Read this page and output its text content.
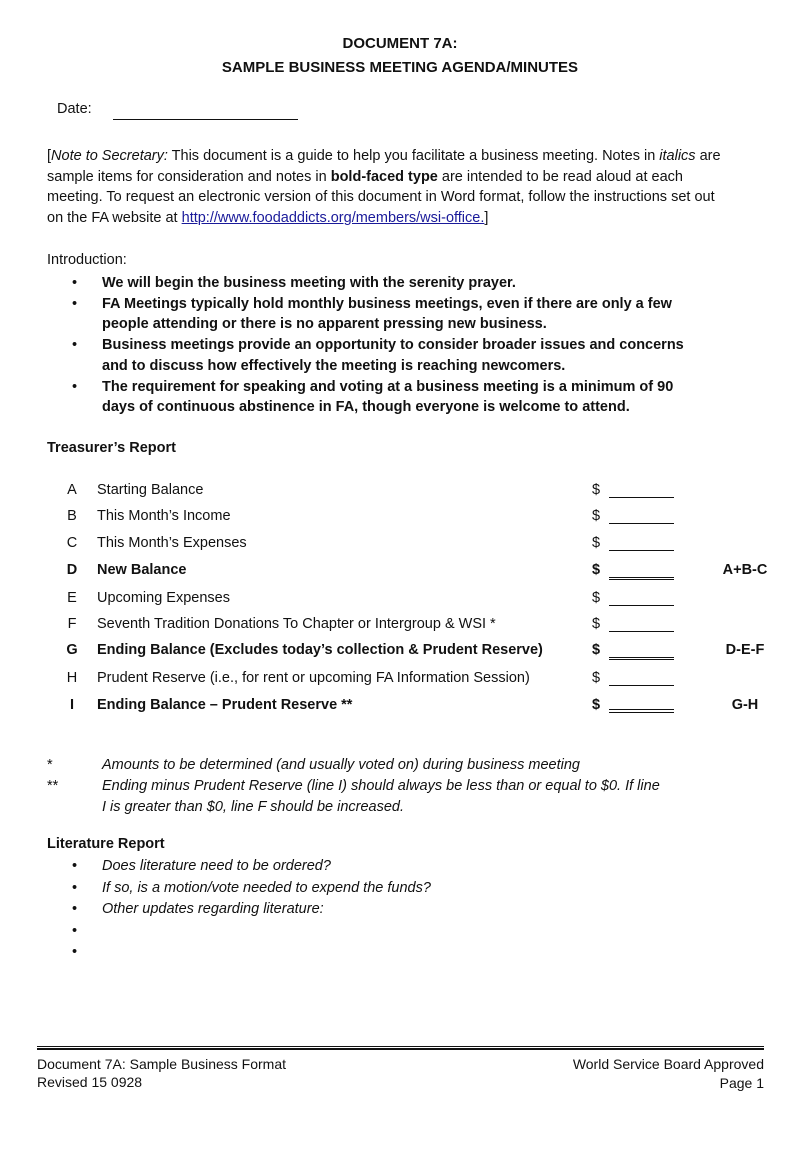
DOCUMENT 7A:
SAMPLE BUSINESS MEETING AGENDA/MINUTES
Date:
[Note to Secretary: This document is a guide to help you facilitate a business meeting. Notes in italics are sample items for consideration and notes in bold-faced type are intended to be read aloud at each meeting. To request an electronic version of this document in Word format, follow the instructions set out on the FA website at http://www.foodaddicts.org/members/wsi-office.]
Introduction:
• We will begin the business meeting with the serenity prayer.
• FA Meetings typically hold monthly business meetings, even if there are only a few people attending or there is no apparent pressing new business.
• Business meetings provide an opportunity to consider broader issues and concerns and to discuss how effectively the meeting is reaching newcomers.
• The requirement for speaking and voting at a business meeting is a minimum of 90 days of continuous abstinence in FA, though everyone is welcome to attend.
Treasurer’s Report
A	Starting Balance	$
B	This Month’s Income	$
C	This Month’s Expenses	$
D	New Balance	$	A+B-C
E	Upcoming Expenses	$
F	Seventh Tradition Donations To Chapter or Intergroup & WSI *	$
G	Ending Balance (Excludes today’s collection & Prudent Reserve)	$	D-E-F
H	Prudent Reserve (i.e., for rent or upcoming FA Information Session)	$
I	Ending Balance – Prudent Reserve **	$	G-H
*	Amounts to be determined (and usually voted on) during business meeting
**	Ending minus Prudent Reserve (line I) should always be less than or equal to $0. If line I is greater than $0, line F should be increased.
Literature Report
• Does literature need to be ordered?
• If so, is a motion/vote needed to expend the funds?
• Other updates regarding literature:
•
•
Document 7A: Sample Business Format
Revised 15 0928
World Service Board Approved
Page 1
